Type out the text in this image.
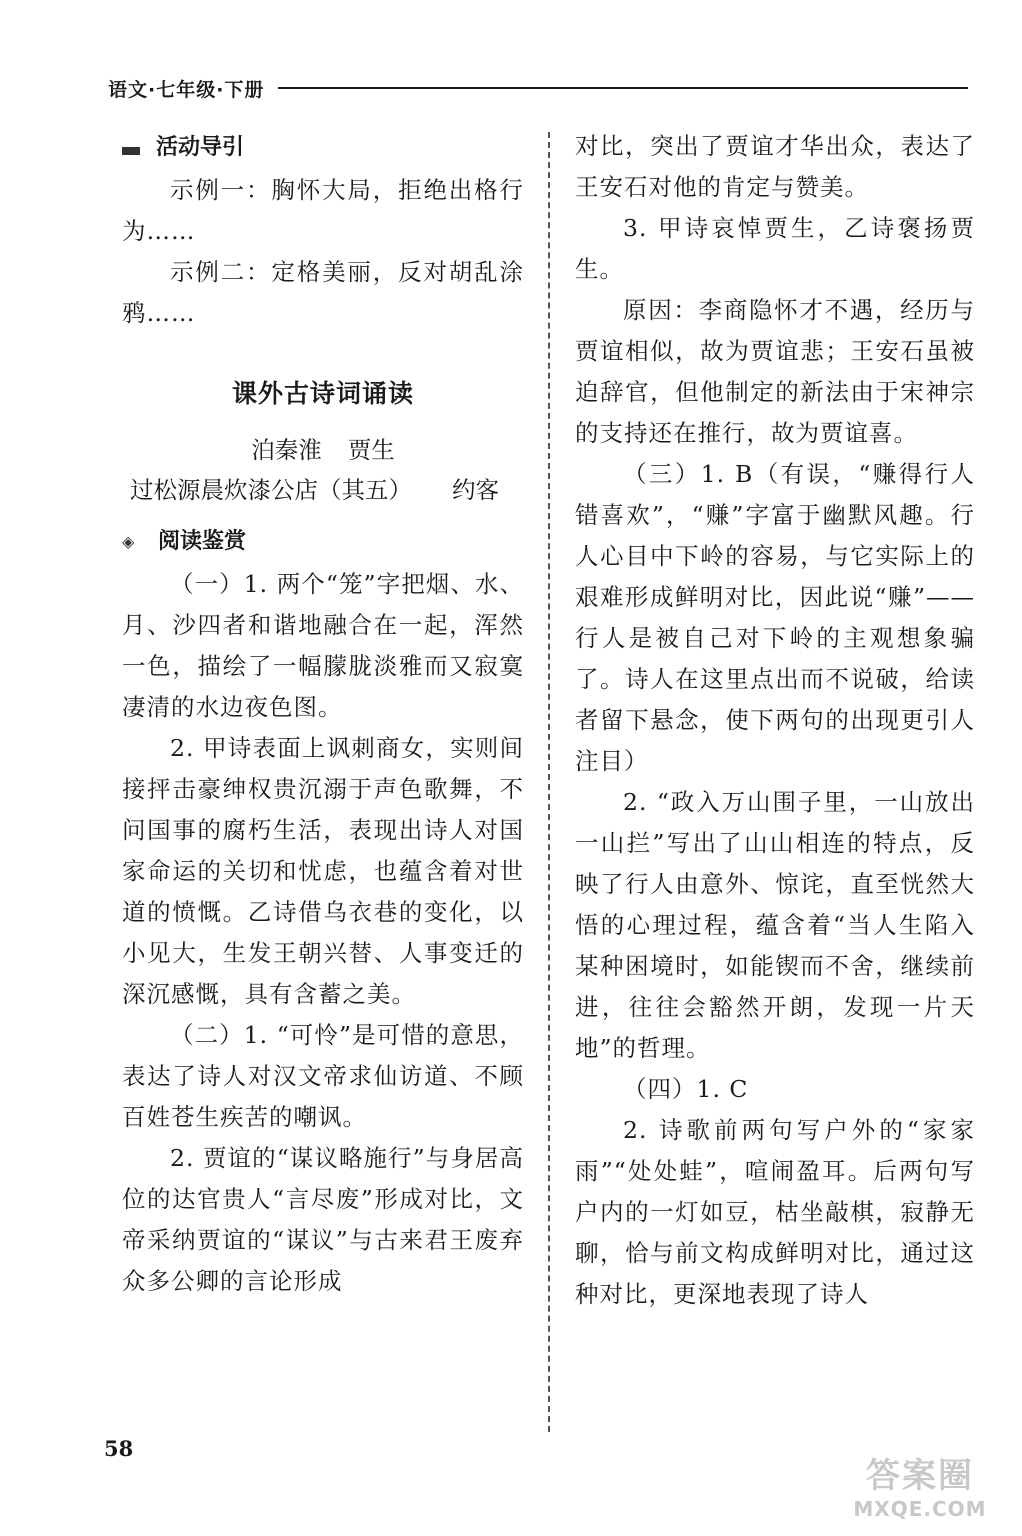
语文·七年级·下册
活动导引

示例一：胸怀大局，拒绝出格行为……

示例二：定格美丽，反对胡乱涂鸦……

课外古诗词诵读

泊秦淮 贾生

过松源晨炊漆公店（其五） 约客

◈	阅读鉴赏

（一）1. 两个“笼”字把烟、水、月、沙四者和谐地融合在一起，浑然一色，描绘了一幅朦胧淡雅而又寂寞凄清的水边夜色图。

2. 甲诗表面上讽刺商女，实则间接抨击豪绅权贵沉溺于声色歌舞，不问国事的腐朽生活，表现出诗人对国家命运的关切和忧虑，也蕴含着对世道的愤慨。乙诗借乌衣巷的变化，以小见大，生发王朝兴替、人事变迁的深沉感慨，具有含蓄之美。

（二）1. “可怜”是可惜的意思，表达了诗人对汉文帝求仙访道、不顾百姓苍生疾苦的嘲讽。

2. 贾谊的“谋议略施行”与身居高位的达官贵人“言尽废”形成对比，文帝采纳贾谊的“谋议”与古来君王废弃众多公卿的言论形成

对比，突出了贾谊才华出众，表达了王安石对他的肯定与赞美。

3. 甲诗哀悼贾生，乙诗褒扬贾生。

原因：李商隐怀才不遇，经历与贾谊相似，故为贾谊悲；王安石虽被迫辞官，但他制定的新法由于宋神宗的支持还在推行，故为贾谊喜。

（三）1. B（有误，“赚得行人错喜欢”，“赚”字富于幽默风趣。行人心目中下岭的容易，与它实际上的艰难形成鲜明对比，因此说“赚”——行人是被自己对下岭的主观想象骗了。诗人在这里点出而不说破，给读者留下悬念，使下两句的出现更引人注目）

2. “政入万山围子里，一山放出一山拦”写出了山山相连的特点，反映了行人由意外、惊诧，直至恍然大悟的心理过程，蕴含着“当人生陷入某种困境时，如能锲而不舍，继续前进，往往会豁然开朗，发现一片天地”的哲理。

（四）1. C

2. 诗歌前两句写户外的“家家雨”“处处蛙”，喧闹盈耳。后两句写户内的一灯如豆，枯坐敲棋，寂静无聊，恰与前文构成鲜明对比，通过这种对比，更深地表现了诗人

58
答案圈
MXQE.COM
